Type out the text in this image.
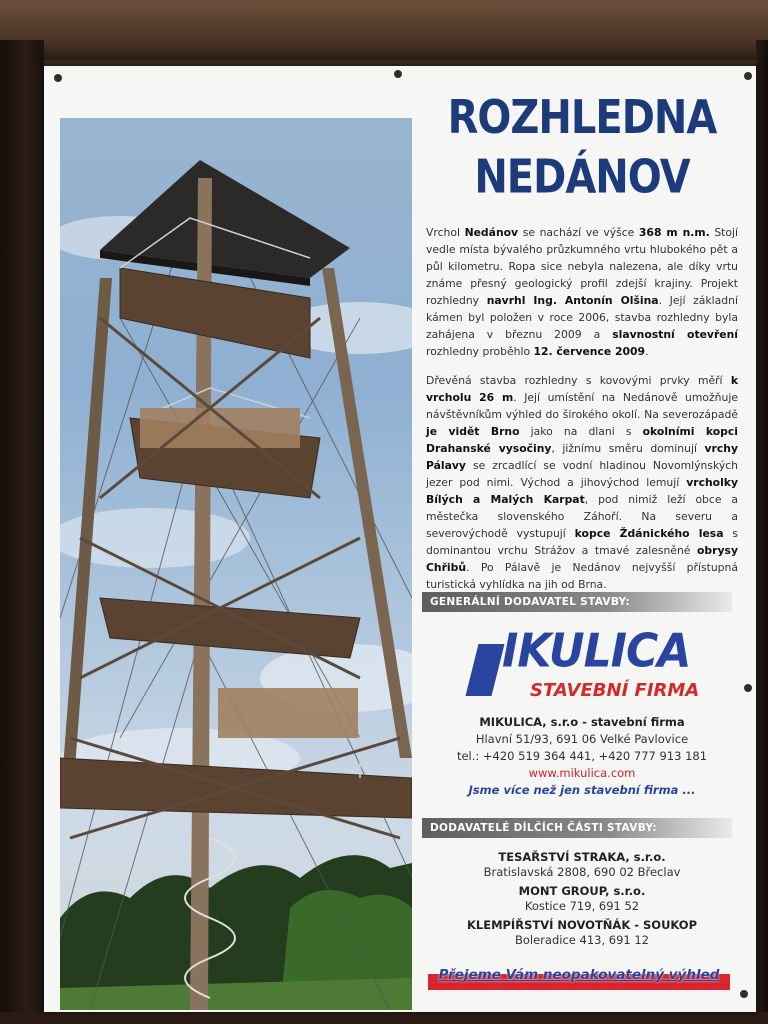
ROZHLEDNA
NEDÁNOV
Vrchol Nedánov se nachází ve výšce 368 m n.m. Stojí vedle místa bývalého průzkumného vrtu hlubokého pět a půl kilometru. Ropa sice nebyla nalezena, ale díky vrtu známe přesný geologický profil zdejší krajiny. Projekt rozhledny navrhl Ing. Antonín Olšina. Její základní kámen byl položen v roce 2006, stavba rozhledny byla zahájena v březnu 2009 a slavnostní otevření rozhledny proběhlo 12. července 2009.
Dřevěná stavba rozhledny s kovovými prvky měří k vrcholu 26 m. Její umístění na Nedánově umožňuje návštěvníkům výhled do širokého okolí. Na severozápadě je vidět Brno jako na dlani s okolními kopci Drahanské vysočiny, jižnímu směru dominují vrchy Pálavy se zrcadlící se vodní hladinou Novomlýnských jezer pod nimi. Východ a jihovýchod lemují vrcholky Bílých a Malých Karpat, pod nimiž leží obce a městečka slovenského Záhoří. Na severu a severovýchodě vystupují kopce Ždánického lesa s dominantou vrchu Strážov a tmavé zalesněné obrysy Chřibů. Po Pálavě je Nedánov nejvyšší přístupná turistická vyhlídka na jih od Brna.
GENERÁLNÍ DODAVATEL STAVBY:
IKULICA
STAVEBNÍ FIRMA
MIKULICA, s.r.o - stavební firma
Hlavní 51/93, 691 06 Velké Pavlovice
tel.: +420 519 364 441, +420 777 913 181
www.mikulica.com
Jsme více než jen stavební firma ...
DODAVATELÉ DÍLČÍCH ČÁSTI STAVBY:
TESAŘSTVÍ STRAKA, s.r.o.
Bratislavská 2808, 690 02 Břeclav
MONT GROUP, s.r.o.
Kostice 719, 691 52
KLEMPÍŘSTVÍ NOVOTŇÁK - SOUKOP
Boleradice 413, 691 12
Přejeme Vám neopakovatelný výhled
